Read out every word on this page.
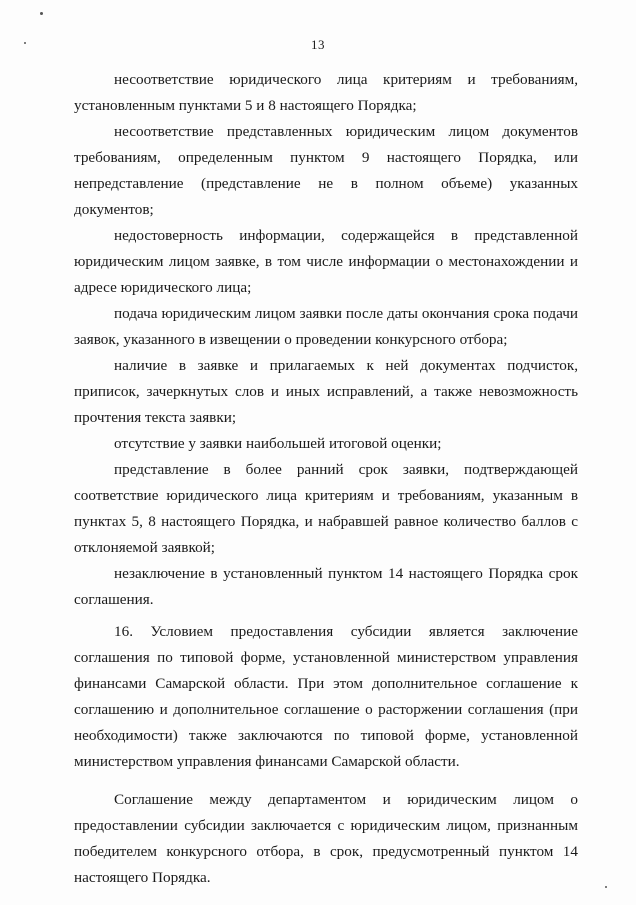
13

несоответствие юридического лица критериям и требованиям, установленным пунктами 5 и 8 настоящего Порядка;

несоответствие представленных юридическим лицом документов требованиям, определенным пунктом 9 настоящего Порядка, или непредставление (представление не в полном объеме) указанных документов;

недостоверность информации, содержащейся в представленной юридическим лицом заявке, в том числе информации о местонахождении и адресе юридического лица;

подача юридическим лицом заявки после даты окончания срока подачи заявок, указанного в извещении о проведении конкурсного отбора;

наличие в заявке и прилагаемых к ней документах подчисток, приписок, зачеркнутых слов и иных исправлений, а также невозможность прочтения текста заявки;

отсутствие у заявки наибольшей итоговой оценки;

представление в более ранний срок заявки, подтверждающей соответствие юридического лица критериям и требованиям, указанным в пунктах 5, 8 настоящего Порядка, и набравшей равное количество баллов с отклоняемой заявкой;

незаключение в установленный пунктом 14 настоящего Порядка срок соглашения.

16. Условием предоставления субсидии является заключение соглашения по типовой форме, установленной министерством управления финансами Самарской области. При этом дополнительное соглашение к соглашению и дополнительное соглашение о расторжении соглашения (при необходимости) также заключаются по типовой форме, установленной министерством управления финансами Самарской области.

Соглашение между департаментом и юридическим лицом о предоставлении субсидии заключается с юридическим лицом, признанным победителем конкурсного отбора, в срок, предусмотренный пунктом 14 настоящего Порядка.
